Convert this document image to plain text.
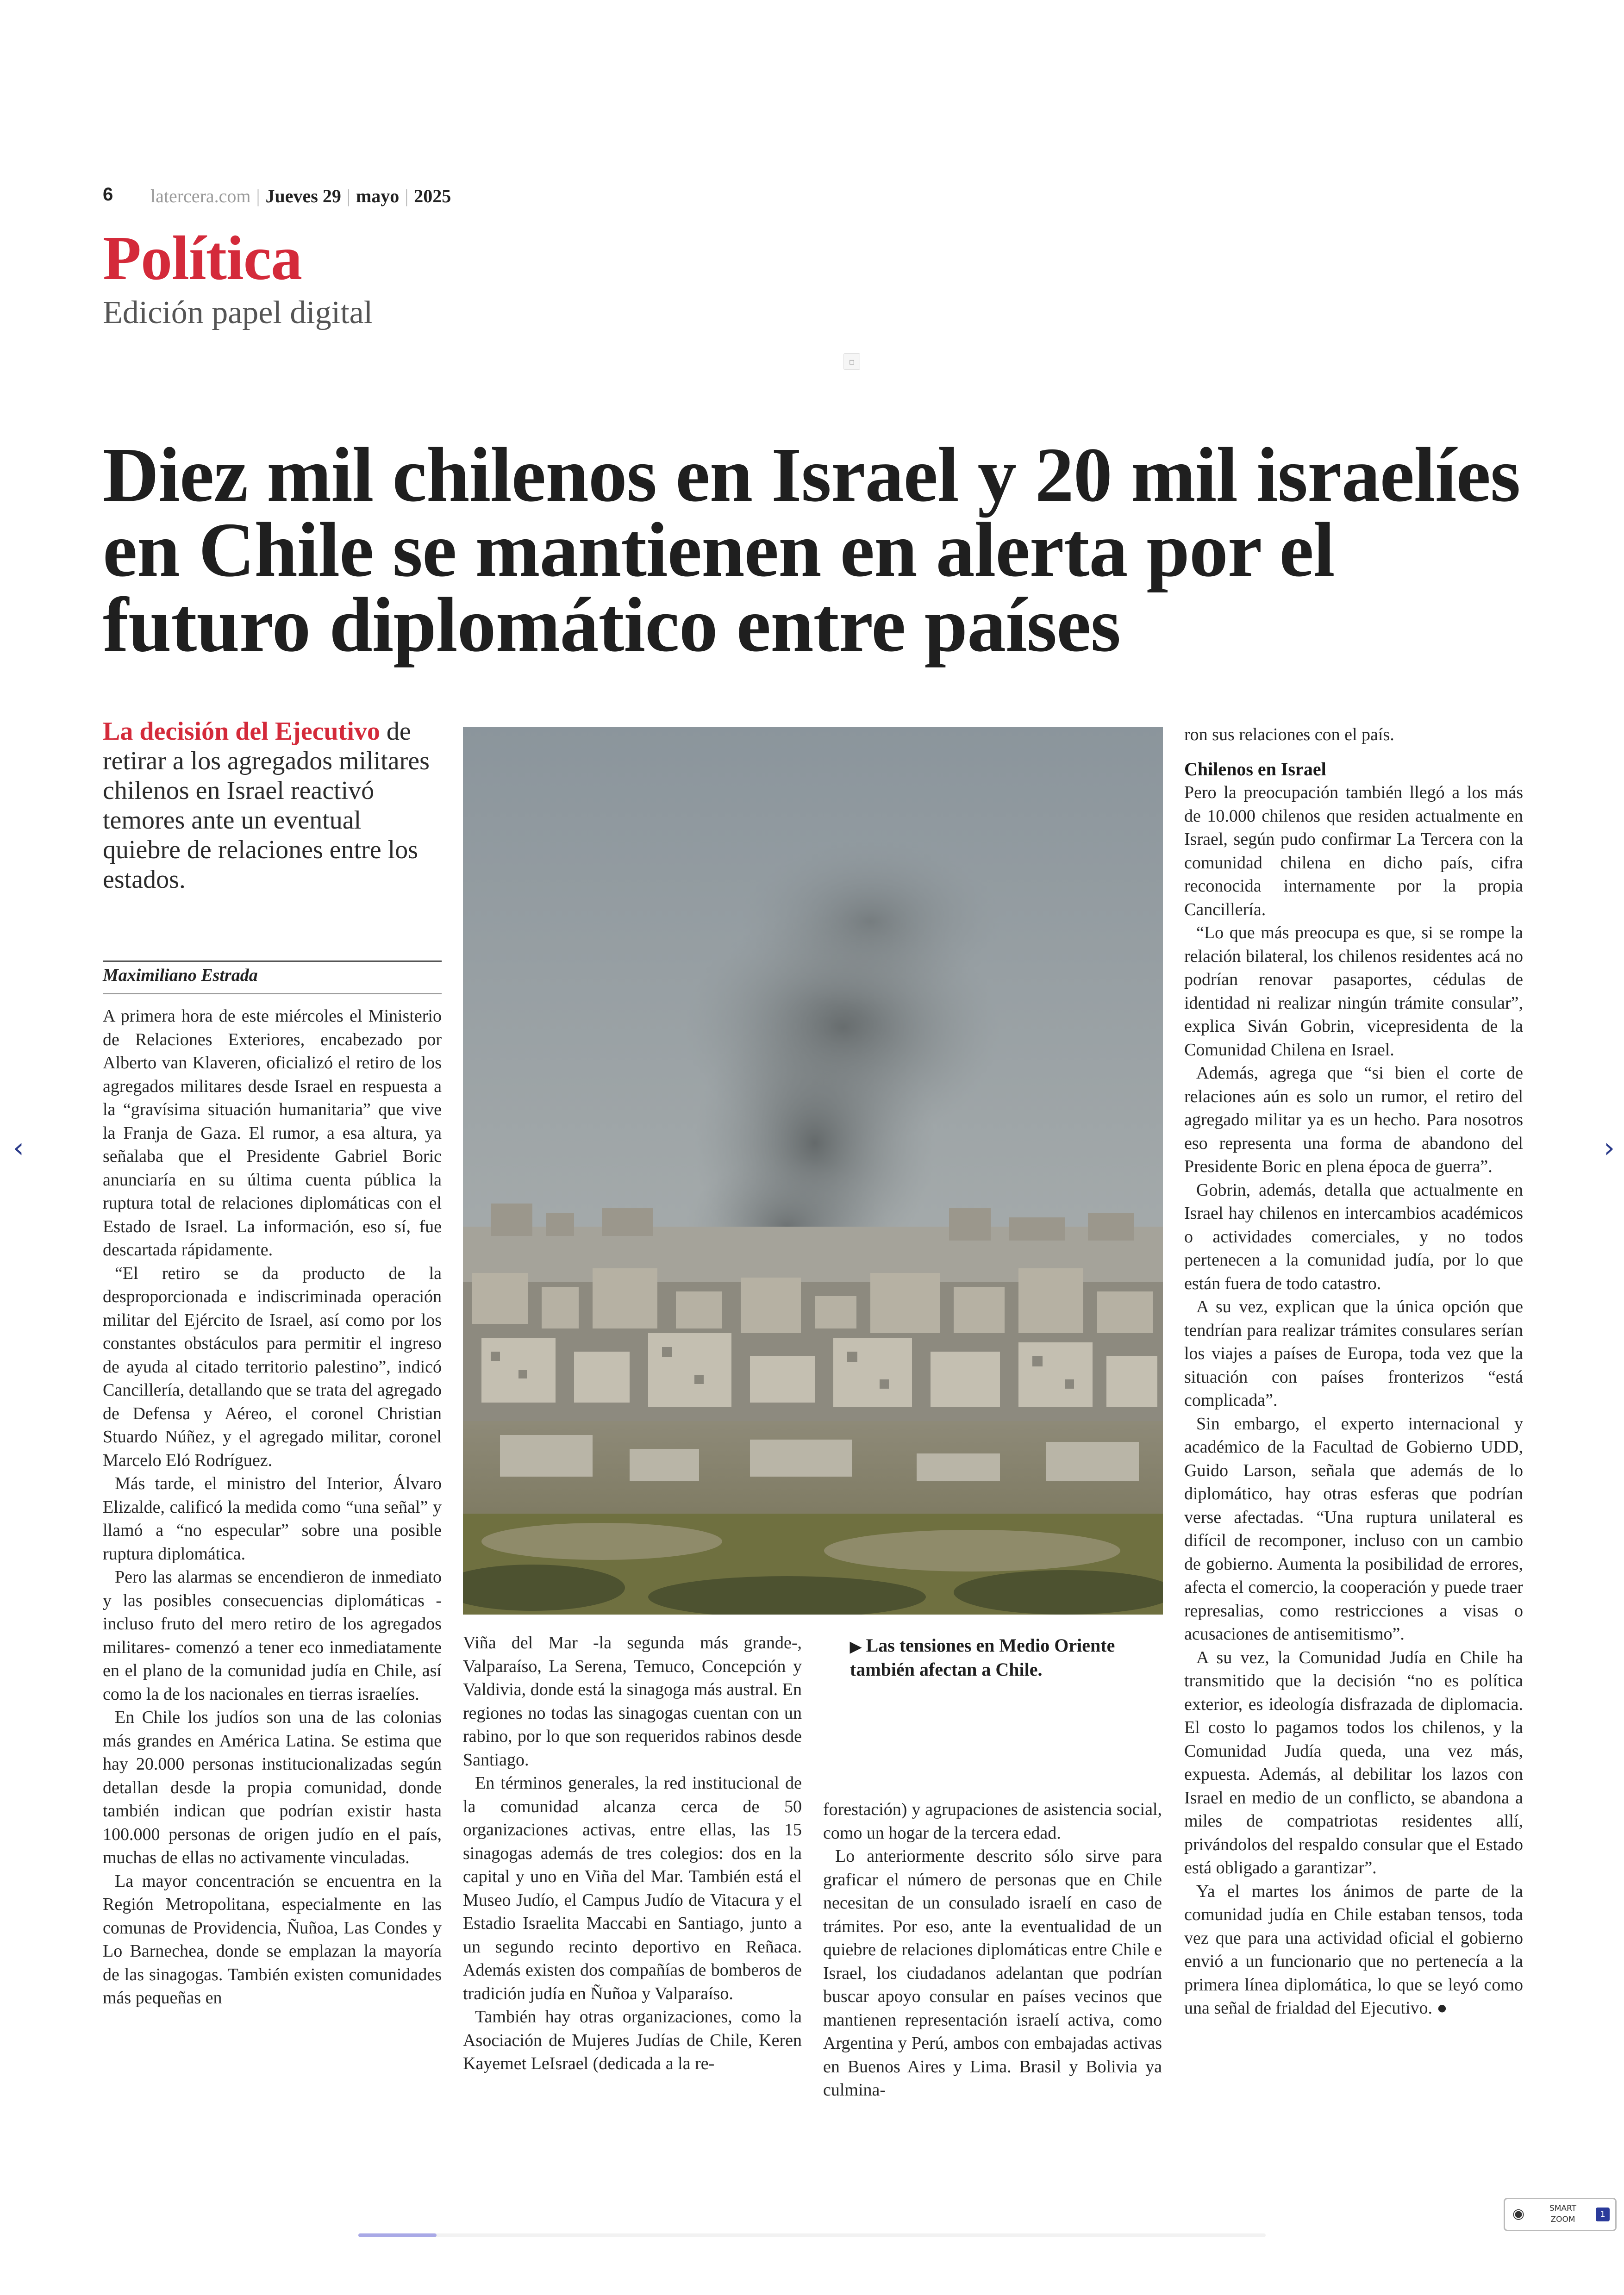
6 latercera.com | Jueves 29 | mayo | 2025
Política
Edición papel digital
▫
Diez mil chilenos en Israel y 20 mil israelíes en Chile se mantienen en alerta por el futuro diplomático entre países
La decisión del Ejecutivo de retirar a los agregados militares chilenos en Israel reactivó temores ante un eventual quiebre de relaciones entre los estados.
Maximiliano Estrada

A primera hora de este miércoles el Ministerio de Relaciones Exteriores, encabezado por Alberto van Klaveren, oficializó el retiro de los agregados militares desde Israel en respuesta a la “gravísima situación humanitaria” que vive la Franja de Gaza. El rumor, a esa altura, ya señalaba que el Presidente Gabriel Boric anunciaría en su última cuenta pública la ruptura total de relaciones diplomáticas con el Estado de Israel. La información, eso sí, fue descartada rápidamente.

“El retiro se da producto de la desproporcionada e indiscriminada operación militar del Ejército de Israel, así como por los constantes obstáculos para permitir el ingreso de ayuda al citado territorio palestino”, indicó Cancillería, detallando que se trata del agregado de Defensa y Aéreo, el coronel Christian Stuardo Núñez, y el agregado militar, coronel Marcelo Eló Rodríguez.

Más tarde, el ministro del Interior, Álvaro Elizalde, calificó la medida como “una señal” y llamó a “no especular” sobre una posible ruptura diplomática.

Pero las alarmas se encendieron de inmediato y las posibles consecuencias diplomáticas -incluso fruto del mero retiro de los agregados militares- comenzó a tener eco inmediatamente en el plano de la comunidad judía en Chile, así como la de los nacionales en tierras israelíes.

En Chile los judíos son una de las colonias más grandes en América Latina. Se estima que hay 20.000 personas institucionalizadas según detallan desde la propia comunidad, donde también indican que podrían existir hasta 100.000 personas de origen judío en el país, muchas de ellas no activamente vinculadas.

La mayor concentración se encuentra en la Región Metropolitana, especialmente en las comunas de Providencia, Ñuñoa, Las Condes y Lo Barnechea, donde se emplazan la mayoría de las sinagogas. También existen comunidades más pequeñas en

▶ Las tensiones en Medio Oriente también afectan a Chile.

Viña del Mar -la segunda más grande-, Valparaíso, La Serena, Temuco, Concepción y Valdivia, donde está la sinagoga más austral. En regiones no todas las sinagogas cuentan con un rabino, por lo que son requeridos rabinos desde Santiago.

En términos generales, la red institucional de la comunidad alcanza cerca de 50 organizaciones activas, entre ellas, las 15 sinagogas además de tres colegios: dos en la capital y uno en Viña del Mar. También está el Museo Judío, el Campus Judío de Vitacura y el Estadio Israelita Maccabi en Santiago, junto a un segundo recinto deportivo en Reñaca. Además existen dos compañías de bomberos de tradición judía en Ñuñoa y Valparaíso.

También hay otras organizaciones, como la Asociación de Mujeres Judías de Chile, Keren Kayemet LeIsrael (dedicada a la re-

forestación) y agrupaciones de asistencia social, como un hogar de la tercera edad.

Lo anteriormente descrito sólo sirve para graficar el número de personas que en Chile necesitan de un consulado israelí en caso de trámites. Por eso, ante la eventualidad de un quiebre de relaciones diplomáticas entre Chile e Israel, los ciudadanos adelantan que podrían buscar apoyo consular en países vecinos que mantienen representación israelí activa, como Argentina y Perú, ambos con embajadas activas en Buenos Aires y Lima. Brasil y Bolivia ya culmina-

ron sus relaciones con el país.

Chilenos en Israel

Pero la preocupación también llegó a los más de 10.000 chilenos que residen actualmente en Israel, según pudo confirmar La Tercera con la comunidad chilena en dicho país, cifra reconocida internamente por la propia Cancillería.

“Lo que más preocupa es que, si se rompe la relación bilateral, los chilenos residentes acá no podrían renovar pasaportes, cédulas de identidad ni realizar ningún trámite consular”, explica Siván Gobrin, vicepresidenta de la Comunidad Chilena en Israel.

Además, agrega que “si bien el corte de relaciones aún es solo un rumor, el retiro del agregado militar ya es un hecho. Para nosotros eso representa una forma de abandono del Presidente Boric en plena época de guerra”.

Gobrin, además, detalla que actualmente en Israel hay chilenos en intercambios académicos o actividades comerciales, y no todos pertenecen a la comunidad judía, por lo que están fuera de todo catastro.

A su vez, explican que la única opción que tendrían para realizar trámites consulares serían los viajes a países de Europa, toda vez que la situación con países fronterizos “está complicada”.

Sin embargo, el experto internacional y académico de la Facultad de Gobierno UDD, Guido Larson, señala que además de lo diplomático, hay otras esferas que podrían verse afectadas. “Una ruptura unilateral es difícil de recomponer, incluso con un cambio de gobierno. Aumenta la posibilidad de errores, afecta el comercio, la cooperación y puede traer represalias, como restricciones a visas o acusaciones de antisemitismo”.

A su vez, la Comunidad Judía en Chile ha transmitido que la decisión “no es política exterior, es ideología disfrazada de diplomacia. El costo lo pagamos todos los chilenos, y la Comunidad Judía queda, una vez más, expuesta. Además, al debilitar los lazos con Israel en medio de un conflicto, se abandona a miles de compatriotas residentes allí, privándolos del respaldo consular que el Estado está obligado a garantizar”.

Ya el martes los ánimos de parte de la comunidad judía en Chile estaban tensos, toda vez que para una actividad oficial el gobierno envió a un funcionario que no pertenecía a la primera línea diplomática, lo que se leyó como una señal de frialdad del Ejecutivo. ●

‹	›
◉	SMART
ZOOM
1
